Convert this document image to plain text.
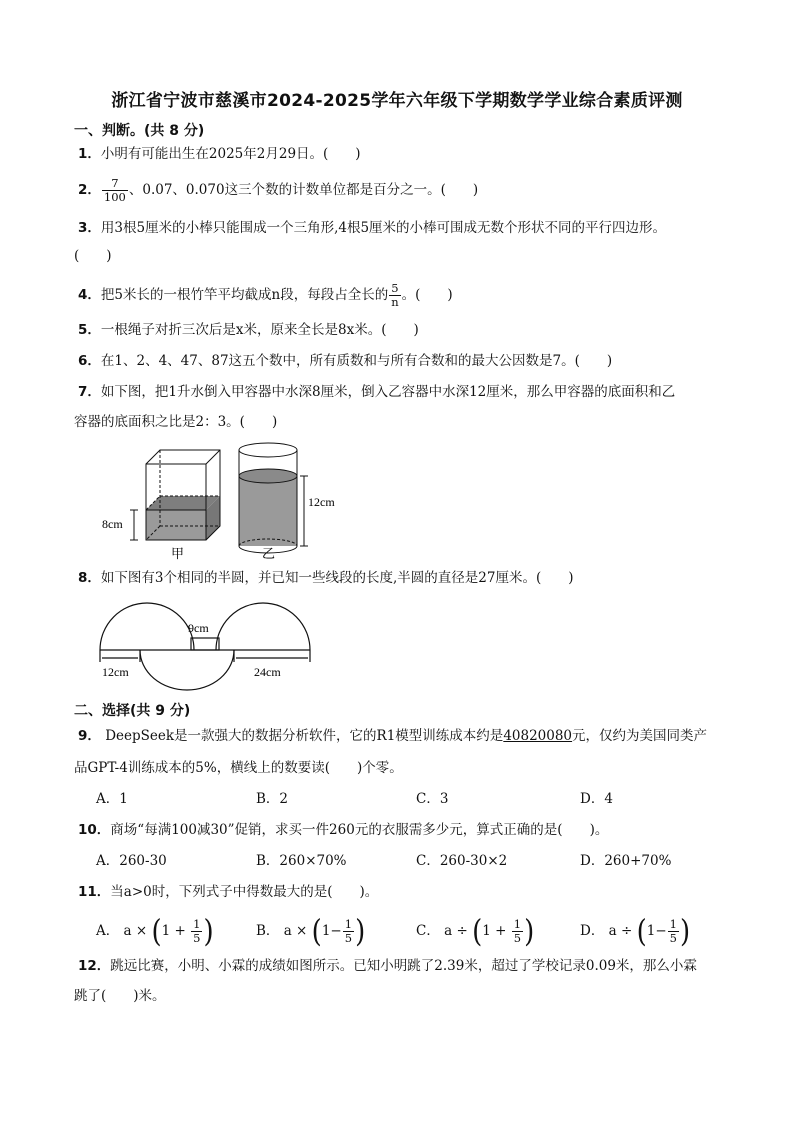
浙江省宁波市慈溪市2024-2025学年六年级下学期数学学业综合素质评测
一、判断。(共 8 分)
1．小明有可能出生在2025年2月29日。(　　)
2． $\frac{7}{100}$ 、0.07、0.070这三个数的计数单位都是百分之一。(　　)
3．用3根5厘米的小棒只能围成一个三角形,4根5厘米的小棒可围成无数个形状不同的平行四边形。
(　　)
4．把5米长的一根竹竿平均截成n段，每段占全长的 $\frac{5}{n}$ 。(　　)
5．一根绳子对折三次后是x米，原来全长是8x米。(　　)
6．在1、2、4、47、87这五个数中，所有质数和与所有合数和的最大公因数是7。(　　)
7．如下图，把1升水倒入甲容器中水深8厘米，倒入乙容器中水深12厘米，那么甲容器的底面积和乙
容器的底面积之比是2：3。(　　)
8cm
甲
12cm
乙
8．如下图有3个相同的半圆，并已知一些线段的长度,半圆的直径是27厘米。(　　)
9cm
12cm	24cm
二、选择(共 9 分)
9． DeepSeek是一款强大的数据分析软件，它的R1模型训练成本约是40820080元，仅约为美国同类产
品GPT-4训练成本的5%，横线上的数要读(　　)个零。
A．1	B．2	C．3	D．4
10．商场“每满100减30”促销，求买一件260元的衣服需多少元，算式正确的是(　　)。
A．260-30	B．260×70%	C．260-30×2	D．260+70%
11．当a>0时，下列式子中得数最大的是(　　)。
A． $a \times (1 + \frac{1}{5}$ )	B． $a \times (1- \frac{1}{5}$ )	C． $a \div (1 + \frac{1}{5}$ )	D． $a \div (1- \frac{1}{5}$ )
12．跳远比赛，小明、小霖的成绩如图所示。已知小明跳了2.39米，超过了学校记录0.09米，那么小霖
跳了(　　)米。
